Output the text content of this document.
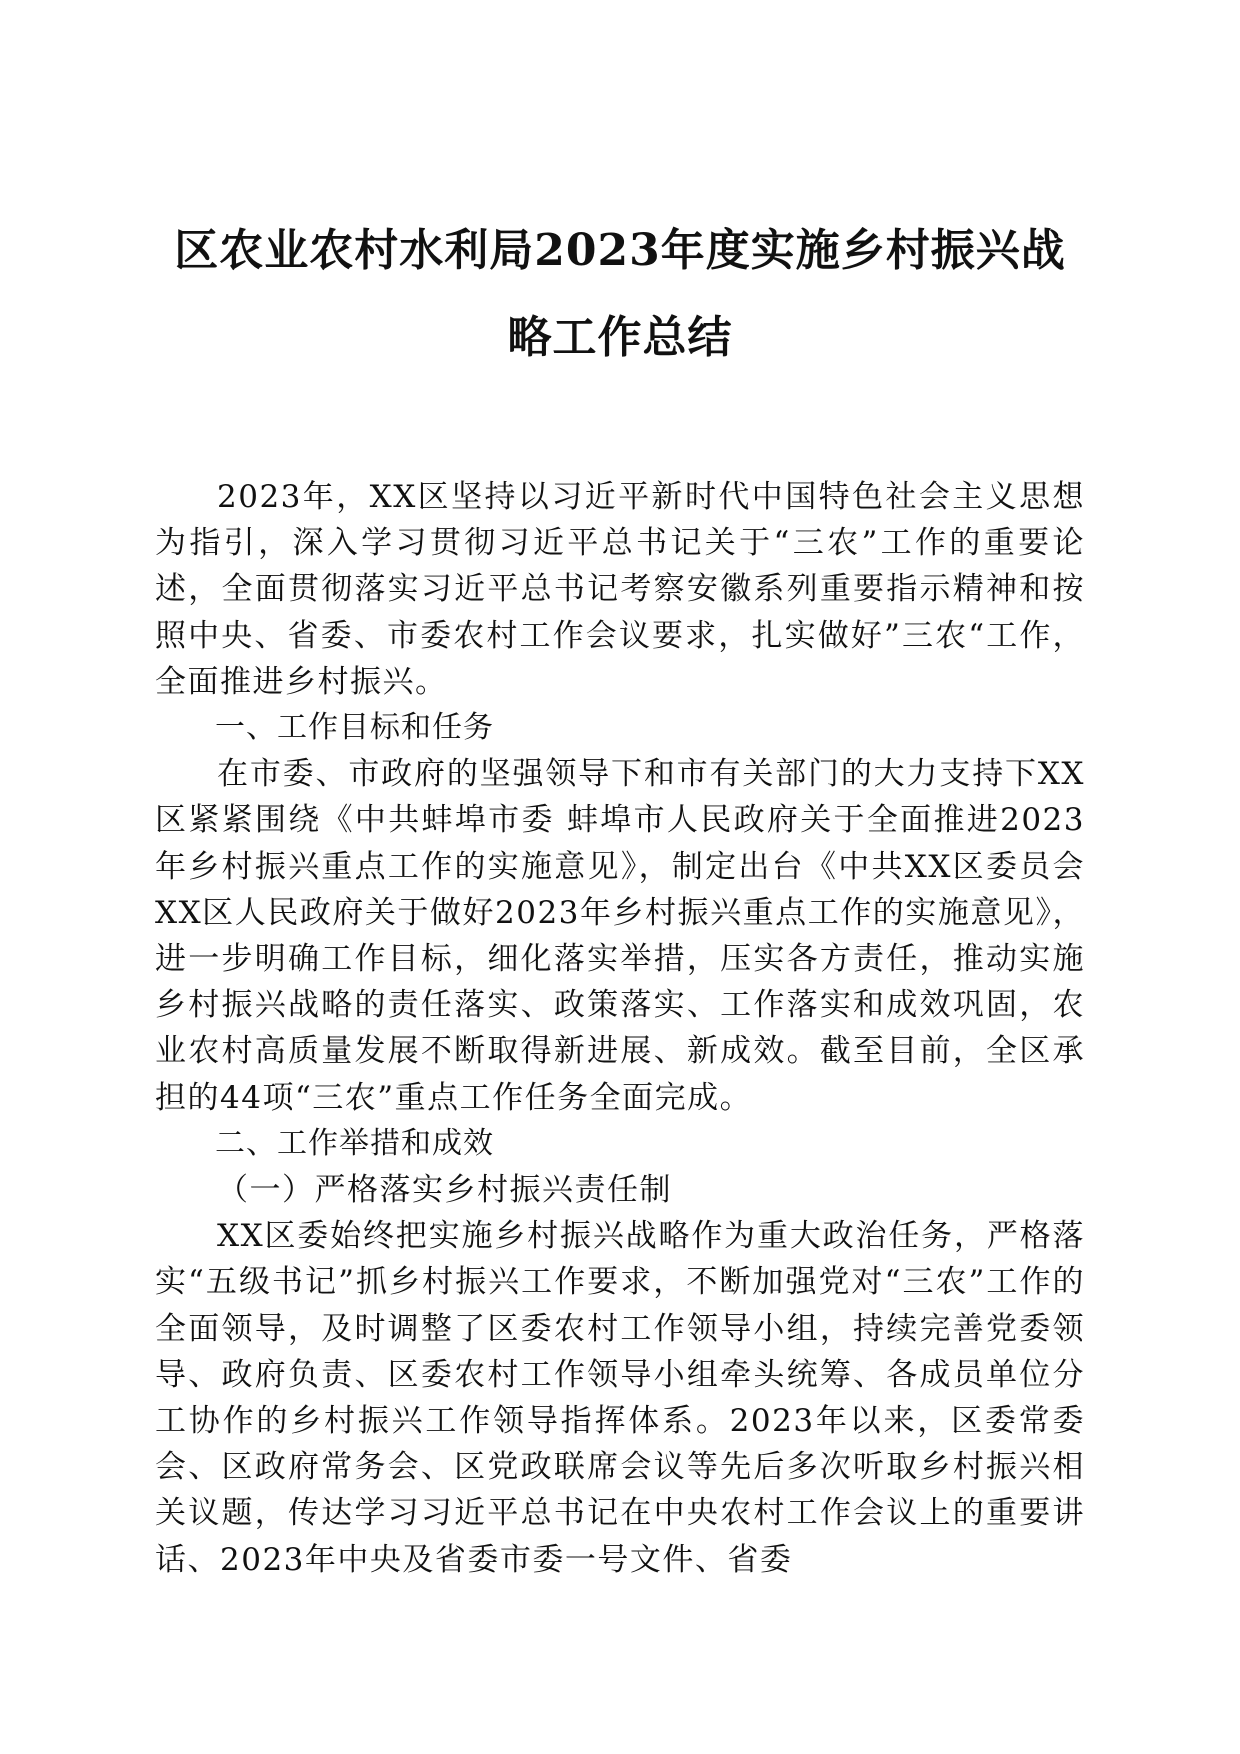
区农业农村水利局2023年度实施乡村振兴战
略工作总结

2023年，XX区坚持以习近平新时代中国特色社会主义思想为指引，深入学习贯彻习近平总书记关于“三农”工作的重要论述，全面贯彻落实习近平总书记考察安徽系列重要指示精神和按照中央、省委、市委农村工作会议要求，扎实做好”三农“工作，全面推进乡村振兴。

一、工作目标和任务

在市委、市政府的坚强领导下和市有关部门的大力支持下XX区紧紧围绕《中共蚌埠市委 蚌埠市人民政府关于全面推进2023年乡村振兴重点工作的实施意见》，制定出台《中共XX区委员会 XX区人民政府关于做好2023年乡村振兴重点工作的实施意见》，进一步明确工作目标，细化落实举措，压实各方责任，推动实施乡村振兴战略的责任落实、政策落实、工作落实和成效巩固，农业农村高质量发展不断取得新进展、新成效。截至目前，全区承担的44项“三农”重点工作任务全面完成。

二、工作举措和成效

（一）严格落实乡村振兴责任制

XX区委始终把实施乡村振兴战略作为重大政治任务，严格落实“五级书记”抓乡村振兴工作要求，不断加强党对“三农”工作的全面领导，及时调整了区委农村工作领导小组，持续完善党委领导、政府负责、区委农村工作领导小组牵头统筹、各成员单位分工协作的乡村振兴工作领导指挥体系。2023年以来，区委常委会、区政府常务会、区党政联席会议等先后多次听取乡村振兴相关议题，传达学习习近平总书记在中央农村工作会议上的重要讲话、2023年中央及省委市委一号文件、省委
